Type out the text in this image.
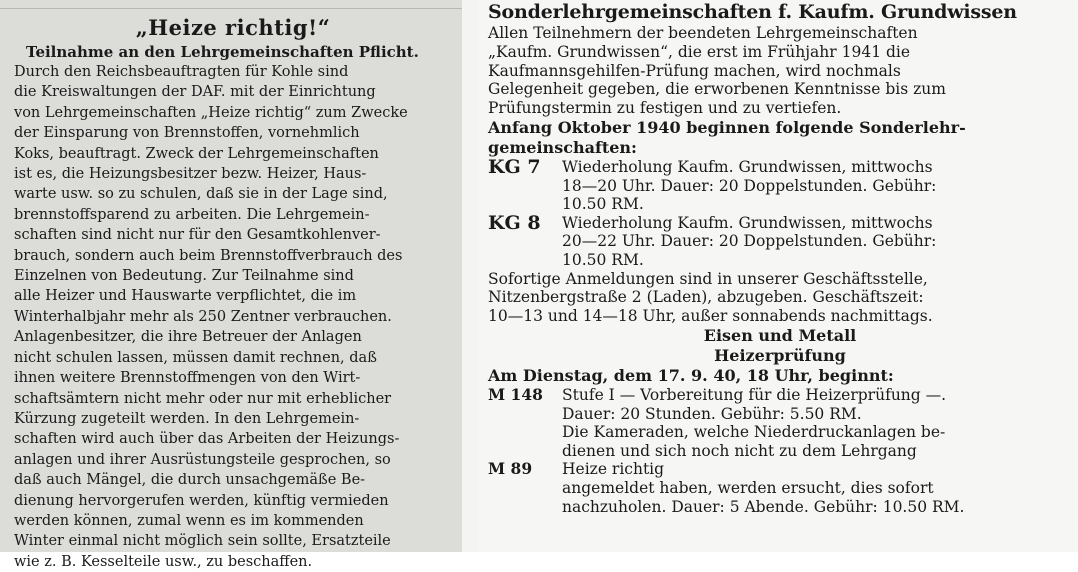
„Heize richtig!“
Teilnahme an den Lehrgemeinschaften Pflicht.

Durch den Reichsbeauftragten für Kohle sind

die Kreiswaltungen der DAF. mit der Einrichtung

von Lehrgemeinschaften „Heize richtig“ zum Zwecke

der Einsparung von Brennstoffen, vornehmlich

Koks, beauftragt. Zweck der Lehrgemeinschaften

ist es, die Heizungsbesitzer bezw. Heizer, Haus-

warte usw. so zu schulen, daß sie in der Lage sind,

brennstoffsparend zu arbeiten. Die Lehrgemein-

schaften sind nicht nur für den Gesamtkohlenver-

brauch, sondern auch beim Brennstoffverbrauch des

Einzelnen von Bedeutung. Zur Teilnahme sind

alle Heizer und Hauswarte verpflichtet, die im

Winterhalbjahr mehr als 250 Zentner verbrauchen.

Anlagenbesitzer, die ihre Betreuer der Anlagen

nicht schulen lassen, müssen damit rechnen, daß

ihnen weitere Brennstoffmengen von den Wirt-

schaftsämtern nicht mehr oder nur mit erheblicher

Kürzung zugeteilt werden. In den Lehrgemein-

schaften wird auch über das Arbeiten der Heizungs-

anlagen und ihrer Ausrüstungsteile gesprochen, so

daß auch Mängel, die durch unsachgemäße Be-

dienung hervorgerufen werden, künftig vermieden

werden können, zumal wenn es im kommenden

Winter einmal nicht möglich sein sollte, Ersatzteile

wie z. B. Kesselteile usw., zu beschaffen.

Sonderlehrgemeinschaften f. Kaufm. Grundwissen

Allen Teilnehmern der beendeten Lehrgemeinschaften

„Kaufm. Grundwissen“, die erst im Frühjahr 1941 die

Kaufmannsgehilfen-Prüfung machen, wird nochmals

Gelegenheit gegeben, die erworbenen Kenntnisse bis zum

Prüfungstermin zu festigen und zu vertiefen.

Anfang Oktober 1940 beginnen folgende Sonderlehr-

gemeinschaften:

KG 7	Wiederholung Kaufm. Grundwissen, mittwochs

18—20 Uhr. Dauer: 20 Doppelstunden. Gebühr:

10.50 RM.

KG 8	Wiederholung Kaufm. Grundwissen, mittwochs

20—22 Uhr. Dauer: 20 Doppelstunden. Gebühr:

10.50 RM.

Sofortige Anmeldungen sind in unserer Geschäftsstelle,

Nitzenbergstraße 2 (Laden), abzugeben. Geschäftszeit:

10—13 und 14—18 Uhr, außer sonnabends nachmittags.

Eisen und Metall
Heizerprüfung

Am Dienstag, dem 17. 9. 40, 18 Uhr, beginnt:

M 148	Stufe I — Vorbereitung für die Heizerprüfung —.

Dauer: 20 Stunden. Gebühr: 5.50 RM.

Die Kameraden, welche Niederdruckanlagen be-

dienen und sich noch nicht zu dem Lehrgang

M 89	Heize richtig

angemeldet haben, werden ersucht, dies sofort

nachzuholen. Dauer: 5 Abende. Gebühr: 10.50 RM.
